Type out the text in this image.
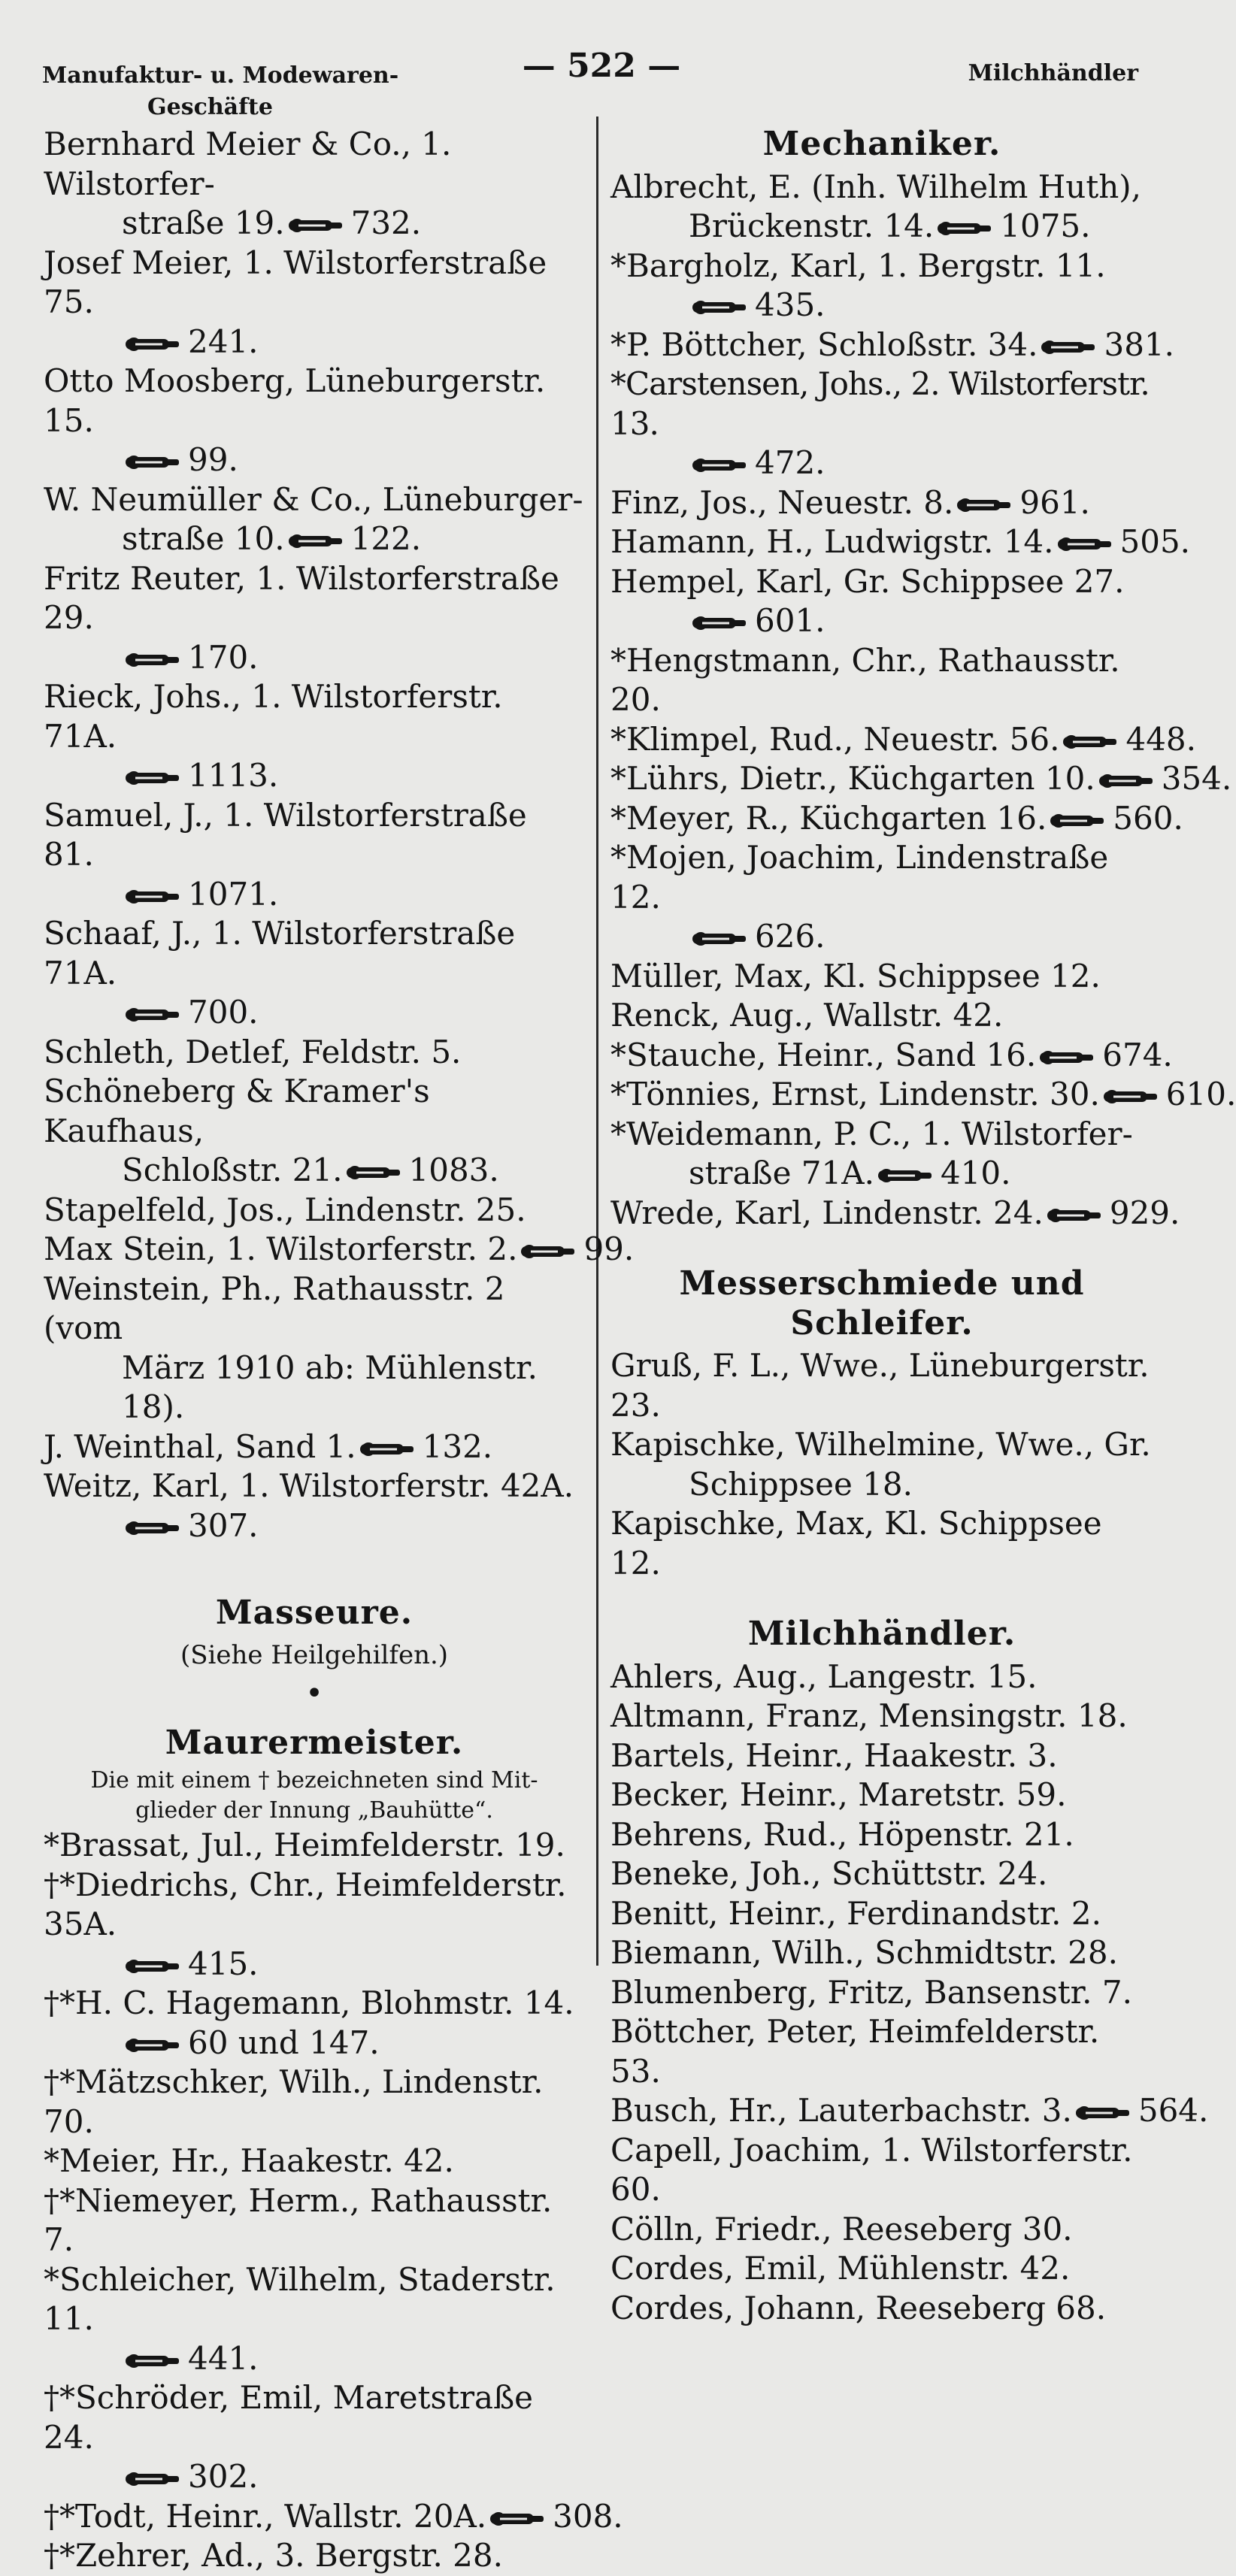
Manufaktur- u. Modewaren-
Geschäfte
— 522 —	Milchhändler
Bernhard Meier & Co., 1. Wilstorfer-
straße 19. 732.
Josef Meier, 1. Wilstorferstraße 75.
241.
Otto Moosberg, Lüneburgerstr. 15.
99.
W. Neumüller & Co., Lüneburger-
straße 10. 122.
Fritz Reuter, 1. Wilstorferstraße 29.
170.
Rieck, Johs., 1. Wilstorferstr. 71A.
1113.
Samuel, J., 1. Wilstorferstraße 81.
1071.
Schaaf, J., 1. Wilstorferstraße 71A.
700.
Schleth, Detlef, Feldstr. 5.
Schöneberg & Kramer's Kaufhaus,
Schloßstr. 21. 1083.
Stapelfeld, Jos., Lindenstr. 25.
Max Stein, 1. Wilstorferstr. 2. 99.
Weinstein, Ph., Rathausstr. 2 (vom
März 1910 ab: Mühlenstr. 18).
J. Weinthal, Sand 1. 132.
Weitz, Karl, 1. Wilstorferstr. 42A.
307.
Masseure.
(Siehe Heilgehilfen.)
•
Maurermeister.
Die mit einem † bezeichneten sind Mit-glieder der Innung „Bauhütte“.
*Brassat, Jul., Heimfelderstr. 19.
†*Diedrichs, Chr., Heimfelderstr. 35A.
415.
†*H. C. Hagemann, Blohmstr. 14.
60 und 147.
†*Mätzschker, Wilh., Lindenstr. 70.
*Meier, Hr., Haakestr. 42.
†*Niemeyer, Herm., Rathausstr. 7.
*Schleicher, Wilhelm, Staderstr. 11.
441.
†*Schröder, Emil, Maretstraße 24.
302.
†*Todt, Heinr., Wallstr. 20A. 308.
†*Zehrer, Ad., 3. Bergstr. 28.
Mechaniker.
Albrecht, E. (Inh. Wilhelm Huth),
Brückenstr. 14. 1075.
*Bargholz, Karl, 1. Bergstr. 11.
435.
*P. Böttcher, Schloßstr. 34. 381.
*Carstensen, Johs., 2. Wilstorferstr. 13.
472.
Finz, Jos., Neuestr. 8. 961.
Hamann, H., Ludwigstr. 14. 505.
Hempel, Karl, Gr. Schippsee 27.
601.
*Hengstmann, Chr., Rathausstr. 20.
*Klimpel, Rud., Neuestr. 56. 448.
*Lührs, Dietr., Küchgarten 10. 354.
*Meyer, R., Küchgarten 16. 560.
*Mojen, Joachim, Lindenstraße 12.
626.
Müller, Max, Kl. Schippsee 12.
Renck, Aug., Wallstr. 42.
*Stauche, Heinr., Sand 16. 674.
*Tönnies, Ernst, Lindenstr. 30. 610.
*Weidemann, P. C., 1. Wilstorfer-
straße 71A. 410.
Wrede, Karl, Lindenstr. 24. 929.
Messerschmiede und Schleifer.
Gruß, F. L., Wwe., Lüneburgerstr. 23.
Kapischke, Wilhelmine, Wwe., Gr.
Schippsee 18.
Kapischke, Max, Kl. Schippsee 12.
Milchhändler.
Ahlers, Aug., Langestr. 15.
Altmann, Franz, Mensingstr. 18.
Bartels, Heinr., Haakestr. 3.
Becker, Heinr., Maretstr. 59.
Behrens, Rud., Höpenstr. 21.
Beneke, Joh., Schüttstr. 24.
Benitt, Heinr., Ferdinandstr. 2.
Biemann, Wilh., Schmidtstr. 28.
Blumenberg, Fritz, Bansenstr. 7.
Böttcher, Peter, Heimfelderstr. 53.
Busch, Hr., Lauterbachstr. 3. 564.
Capell, Joachim, 1. Wilstorferstr. 60.
Cölln, Friedr., Reeseberg 30.
Cordes, Emil, Mühlenstr. 42.
Cordes, Johann, Reeseberg 68.
